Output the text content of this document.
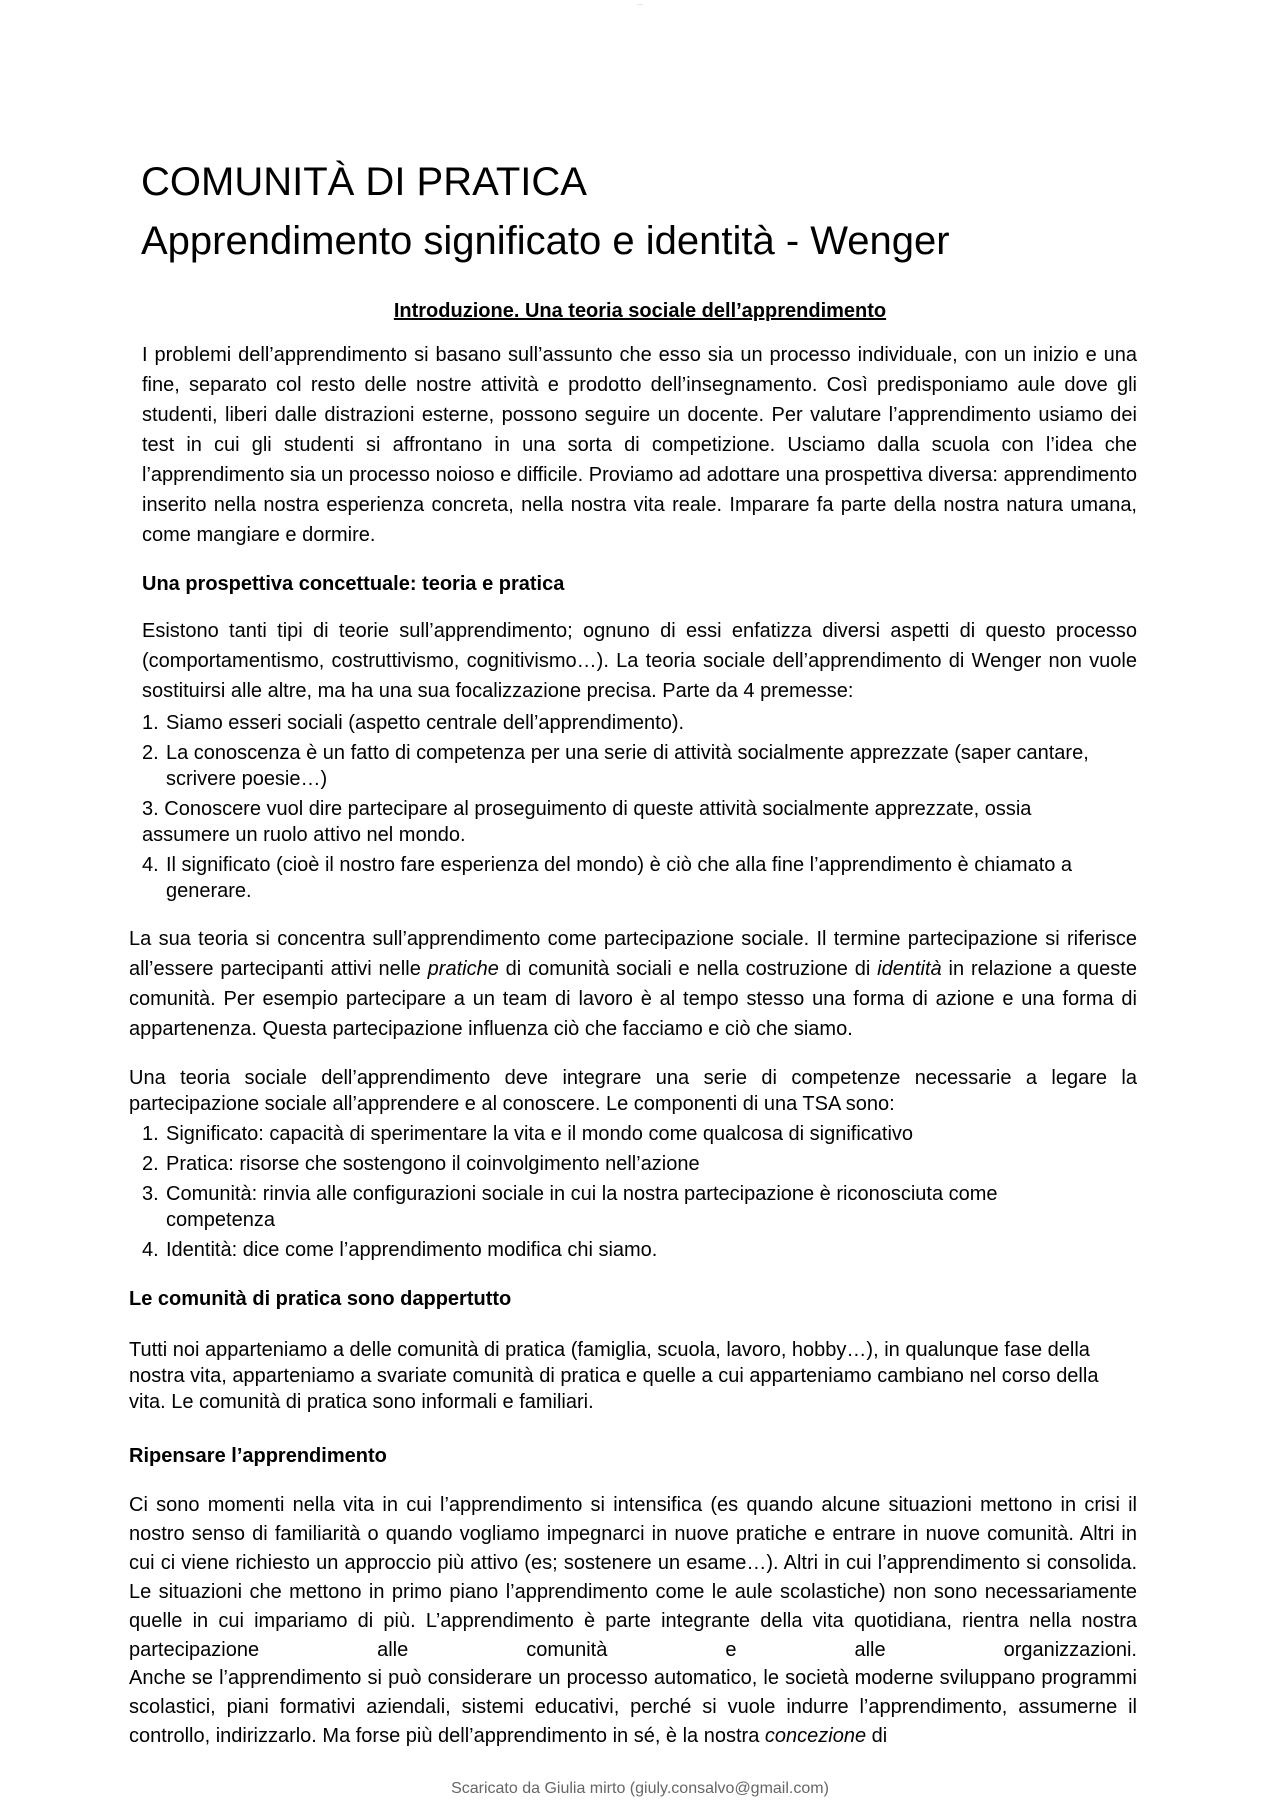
-----
COMUNITÀ DI PRATICA
Apprendimento significato e identità - Wenger
Introduzione. Una teoria sociale dell’apprendimento

I problemi dell’apprendimento si basano sull’assunto che esso sia un processo individuale, con un inizio e una fine, separato col resto delle nostre attività e prodotto dell’insegnamento. Così predisponiamo aule dove gli studenti, liberi dalle distrazioni esterne, possono seguire un docente. Per valutare l’apprendimento usiamo dei test in cui gli studenti si affrontano in una sorta di competizione. Usciamo dalla scuola con l’idea che l’apprendimento sia un processo noioso e difficile. Proviamo ad adottare una prospettiva diversa: apprendimento inserito nella nostra esperienza concreta, nella nostra vita reale. Imparare fa parte della nostra natura umana, come mangiare e dormire.

Una prospettiva concettuale: teoria e pratica

Esistono tanti tipi di teorie sull’apprendimento; ognuno di essi enfatizza diversi aspetti di questo processo (comportamentismo, costruttivismo, cognitivismo…). La teoria sociale dell’apprendimento di Wenger non vuole sostituirsi alle altre, ma ha una sua focalizzazione precisa. Parte da 4 premesse:

1. Siamo esseri sociali (aspetto centrale dell’apprendimento).
2. La conoscenza è un fatto di competenza per una serie di attività socialmente apprezzate (saper cantare, scrivere poesie…)
3. Conoscere vuol dire partecipare al proseguimento di queste attività socialmente apprezzate, ossia assumere un ruolo attivo nel mondo.
4. Il significato (cioè il nostro fare esperienza del mondo) è ciò che alla fine l’apprendimento è chiamato a generare.

La sua teoria si concentra sull’apprendimento come partecipazione sociale. Il termine partecipazione si riferisce all’essere partecipanti attivi nelle pratiche di comunità sociali e nella costruzione di identità in relazione a queste comunità. Per esempio partecipare a un team di lavoro è al tempo stesso una forma di azione e una forma di appartenenza. Questa partecipazione influenza ciò che facciamo e ciò che siamo.

Una teoria sociale dell’apprendimento deve integrare una serie di competenze necessarie a legare la partecipazione sociale all’apprendere e al conoscere. Le componenti di una TSA sono:

1. Significato: capacità di sperimentare la vita e il mondo come qualcosa di significativo
2. Pratica: risorse che sostengono il coinvolgimento nell’azione
3. Comunità: rinvia alle configurazioni sociale in cui la nostra partecipazione è riconosciuta come competenza
4. Identità: dice come l’apprendimento modifica chi siamo.
Le comunità di pratica sono dappertutto

Tutti noi apparteniamo a delle comunità di pratica (famiglia, scuola, lavoro, hobby…), in qualunque fase della nostra vita, apparteniamo a svariate comunità di pratica e quelle a cui apparteniamo cambiano nel corso della vita. Le comunità di pratica sono informali e familiari.

Ripensare l’apprendimento

Ci sono momenti nella vita in cui l’apprendimento si intensifica (es quando alcune situazioni mettono in crisi il nostro senso di familiarità o quando vogliamo impegnarci in nuove pratiche e entrare in nuove comunità. Altri in cui ci viene richiesto un approccio più attivo (es; sostenere un esame…). Altri in cui l’apprendimento si consolida. Le situazioni che mettono in primo piano l’apprendimento come le aule scolastiche) non sono necessariamente quelle in cui impariamo di più. L’apprendimento è parte integrante della vita quotidiana, rientra nella nostra partecipazione alle comunità e alle organizzazioni.

Anche se l’apprendimento si può considerare un processo automatico, le società moderne sviluppano programmi scolastici, piani formativi aziendali, sistemi educativi, perché si vuole indurre l’apprendimento, assumerne il controllo, indirizzarlo. Ma forse più dell’apprendimento in sé, è la nostra concezione di

Scaricato da Giulia mirto (giuly.consalvo@gmail.com)
